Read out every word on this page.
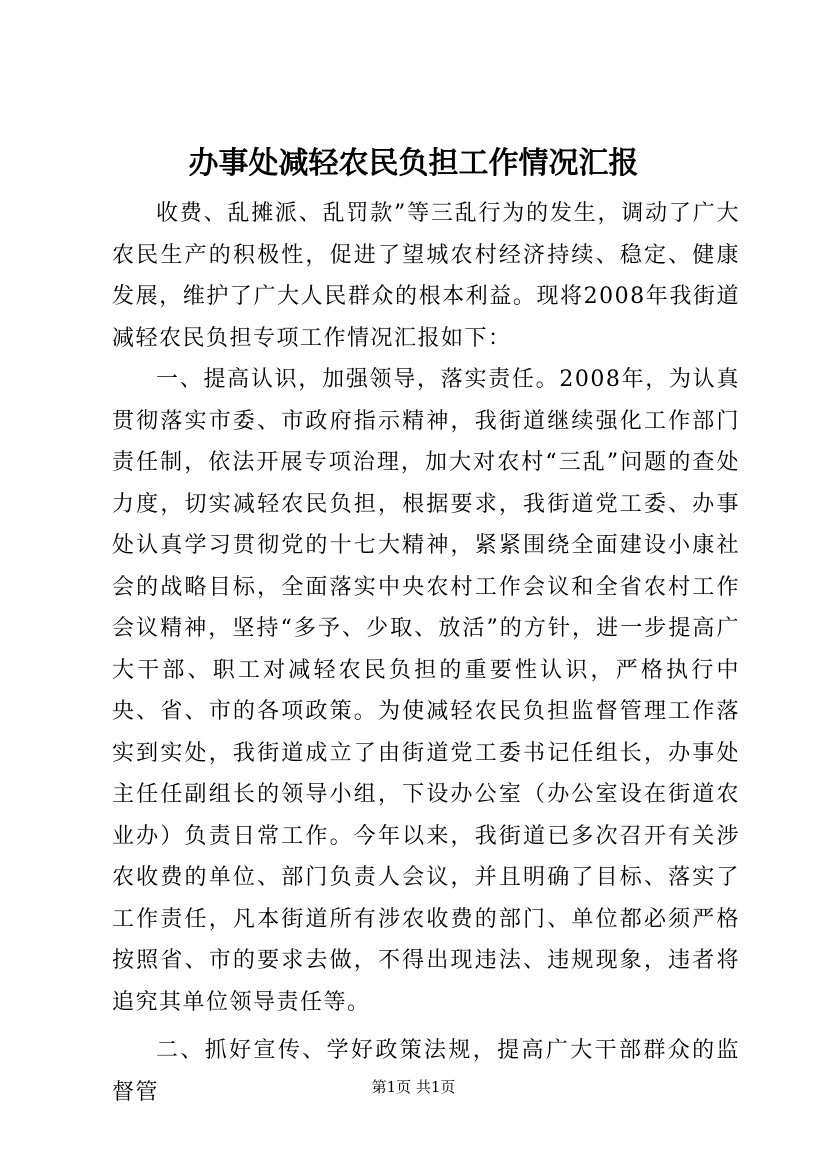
办事处减轻农民负担工作情况汇报

收费、乱摊派、乱罚款”等三乱行为的发生，调动了广大农民生产的积极性，促进了望城农村经济持续、稳定、健康发展，维护了广大人民群众的根本利益。现将2008年我街道减轻农民负担专项工作情况汇报如下：

一、提高认识，加强领导，落实责任。2008年，为认真贯彻落实市委、市政府指示精神，我街道继续强化工作部门责任制，依法开展专项治理，加大对农村“三乱”问题的查处力度，切实减轻农民负担，根据要求，我街道党工委、办事处认真学习贯彻党的十七大精神，紧紧围绕全面建设小康社会的战略目标，全面落实中央农村工作会议和全省农村工作会议精神，坚持“多予、少取、放活”的方针，进一步提高广大干部、职工对减轻农民负担的重要性认识，严格执行中央、省、市的各项政策。为使减轻农民负担监督管理工作落实到实处，我街道成立了由街道党工委书记任组长，办事处主任任副组长的领导小组，下设办公室（办公室设在街道农业办）负责日常工作。今年以来，我街道已多次召开有关涉农收费的单位、部门负责人会议，并且明确了目标、落实了工作责任，凡本街道所有涉农收费的部门、单位都必须严格按照省、市的要求去做，不得出现违法、违规现象，违者将追究其单位领导责任等。

二、抓好宣传、学好政策法规，提高广大干部群众的监督管	第1页 共1页
